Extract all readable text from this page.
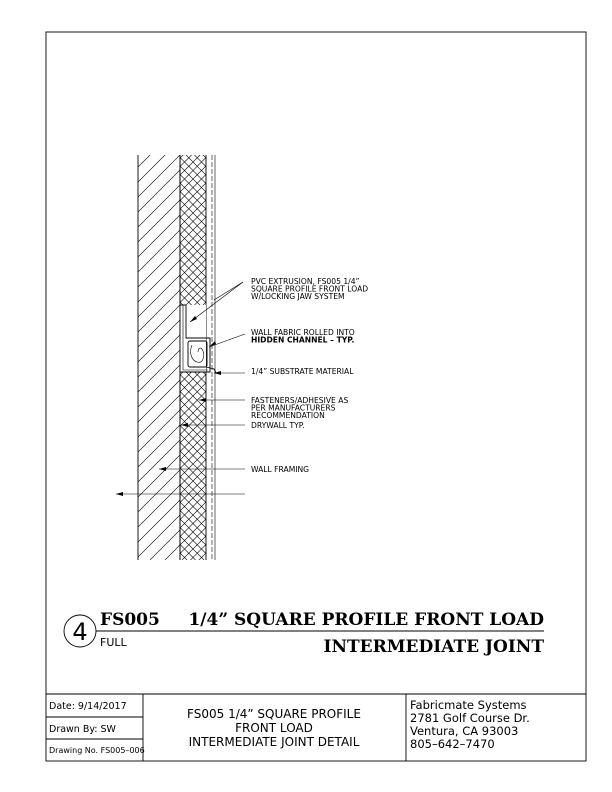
PVC EXTRUSION, FS005 1/4” SQUARE PROFILE FRONT LOAD W/LOCKING JAW SYSTEM
WALL FABRIC ROLLED INTO HIDDEN CHANNEL – TYP.
1/4” SUBSTRATE MATERIAL
FASTENERS/ADHESIVE AS PER MANUFACTURERS RECOMMENDATION
DRYWALL TYP.
WALL FRAMING
4 FS005 1/4” SQUARE PROFILE FRONT LOAD
INTERMEDIATE JOINT
FULL
Date: 9/14/2017
Drawn By: SW
Drawing No. FS005–006
FS005 1/4” SQUARE PROFILE
FRONT LOAD
INTERMEDIATE JOINT DETAIL
Fabricmate Systems
2781 Golf Course Dr.
Ventura, CA 93003
805–642–7470
